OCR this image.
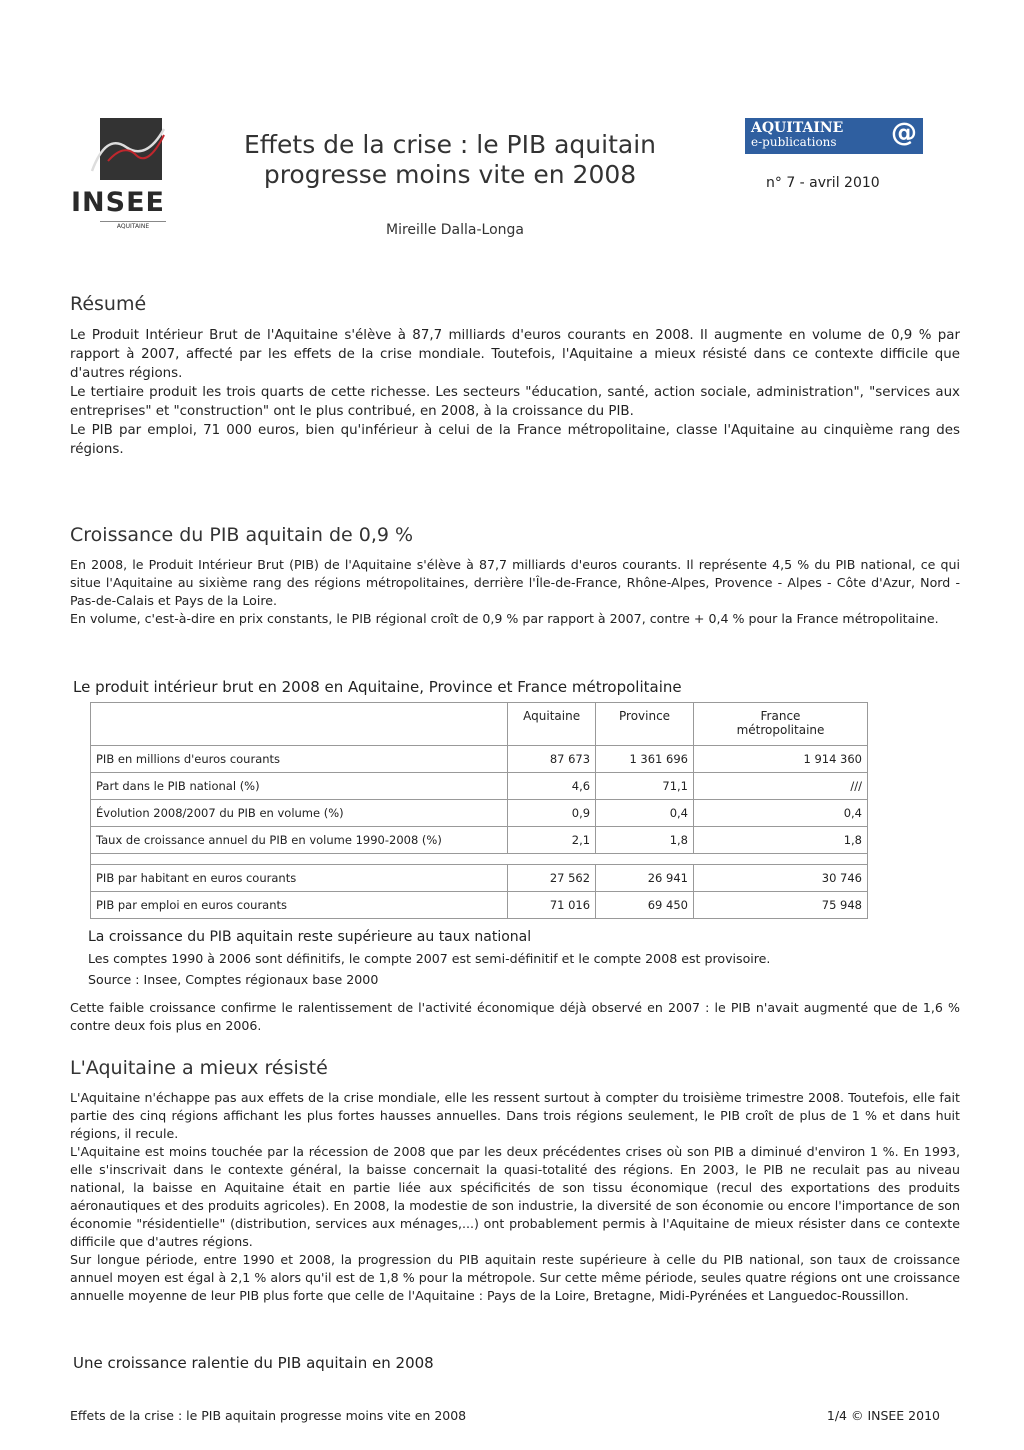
INSEE
AQUITAINE
Effets de la crise : le PIB aquitain
progresse moins vite en 2008
Mireille Dalla-Longa
AQUITAINE
e-publications @
n° 7 - avril 2010
Résumé

Le Produit Intérieur Brut de l'Aquitaine s'élève à 87,7 milliards d'euros courants en 2008. Il augmente en volume de 0,9 % par rapport à 2007, affecté par les effets de la crise mondiale. Toutefois, l'Aquitaine a mieux résisté dans ce contexte difficile que d'autres régions.

Le tertiaire produit les trois quarts de cette richesse. Les secteurs "éducation, santé, action sociale, administration", "services aux entreprises" et "construction" ont le plus contribué, en 2008, à la croissance du PIB.

Le PIB par emploi, 71 000 euros, bien qu'inférieur à celui de la France métropolitaine, classe l'Aquitaine au cinquième rang des régions.

Croissance du PIB aquitain de 0,9 %

En 2008, le Produit Intérieur Brut (PIB) de l'Aquitaine s'élève à 87,7 milliards d'euros courants. Il représente 4,5 % du PIB national, ce qui situe l'Aquitaine au sixième rang des régions métropolitaines, derrière l'Île-de-France, Rhône-Alpes, Provence - Alpes - Côte d'Azur, Nord - Pas-de-Calais et Pays de la Loire.

En volume, c'est-à-dire en prix constants, le PIB régional croît de 0,9 % par rapport à 2007, contre + 0,4 % pour la France métropolitaine.

Le produit intérieur brut en 2008 en Aquitaine, Province et France métropolitaine
	Aquitaine	Province	France métropolitaine
PIB en millions d'euros courants	87 673	1 361 696	1 914 360
Part dans le PIB national (%)	4,6	71,1	///
Évolution 2008/2007 du PIB en volume (%)	0,9	0,4	0,4
Taux de croissance annuel du PIB en volume 1990-2008 (%)	2,1	1,8	1,8

PIB par habitant en euros courants	27 562	26 941	30 746
PIB par emploi en euros courants	71 016	69 450	75 948
La croissance du PIB aquitain reste supérieure au taux national
Les comptes 1990 à 2006 sont définitifs, le compte 2007 est semi-définitif et le compte 2008 est provisoire.
Source : Insee, Comptes régionaux base 2000

Cette faible croissance confirme le ralentissement de l'activité économique déjà observé en 2007 : le PIB n'avait augmenté que de 1,6 % contre deux fois plus en 2006.

L'Aquitaine a mieux résisté

L'Aquitaine n'échappe pas aux effets de la crise mondiale, elle les ressent surtout à compter du troisième trimestre 2008. Toutefois, elle fait partie des cinq régions affichant les plus fortes hausses annuelles. Dans trois régions seulement, le PIB croît de plus de 1 % et dans huit régions, il recule.

L'Aquitaine est moins touchée par la récession de 2008 que par les deux précédentes crises où son PIB a diminué d'environ 1 %. En 1993, elle s'inscrivait dans le contexte général, la baisse concernait la quasi-totalité des régions. En 2003, le PIB ne reculait pas au niveau national, la baisse en Aquitaine était en partie liée aux spécificités de son tissu économique (recul des exportations des produits aéronautiques et des produits agricoles). En 2008, la modestie de son industrie, la diversité de son économie ou encore l'importance de son économie "résidentielle" (distribution, services aux ménages,...) ont probablement permis à l'Aquitaine de mieux résister dans ce contexte difficile que d'autres régions.

Sur longue période, entre 1990 et 2008, la progression du PIB aquitain reste supérieure à celle du PIB national, son taux de croissance annuel moyen est égal à 2,1 % alors qu'il est de 1,8 % pour la métropole. Sur cette même période, seules quatre régions ont une croissance annuelle moyenne de leur PIB plus forte que celle de l'Aquitaine : Pays de la Loire, Bretagne, Midi-Pyrénées et Languedoc-Roussillon.

Une croissance ralentie du PIB aquitain en 2008
Effets de la crise : le PIB aquitain progresse moins vite en 2008	1/4 © INSEE 2010
